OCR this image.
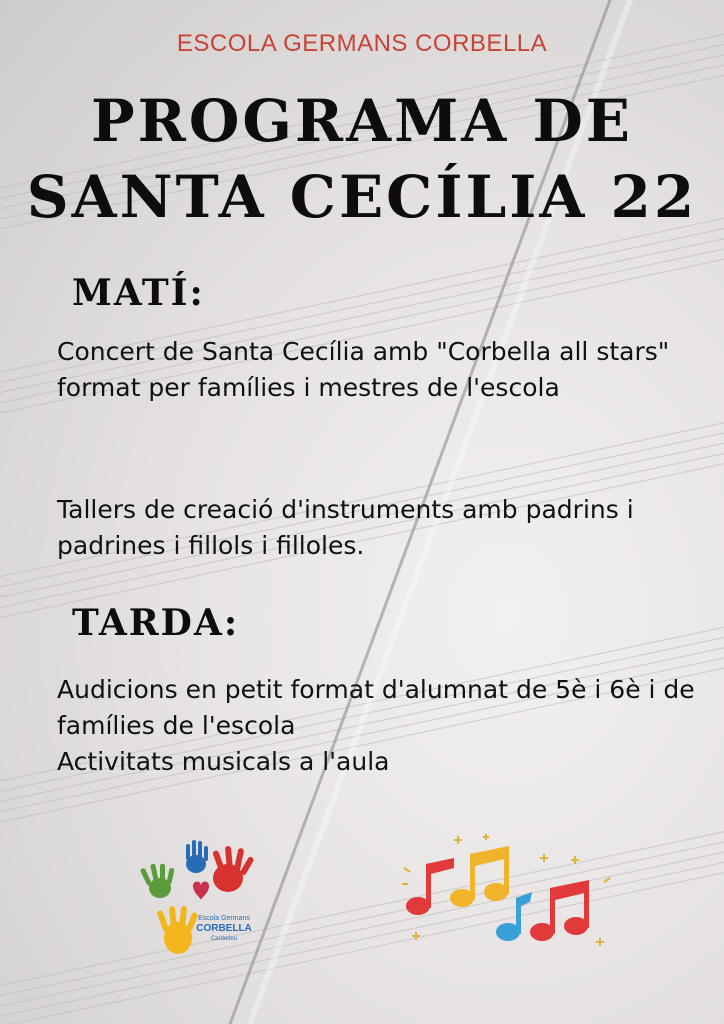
ESCOLA GERMANS CORBELLA
PROGRAMA DE
SANTA CECÍLIA 22
MATÍ:
Concert de Santa Cecília amb "Corbella all stars" format per famílies i mestres de l'escola
Tallers de creació d'instruments amb padrins i padrines i fillols i filloles.
TARDA:
Audicions en petit format d'alumnat de 5è i 6è i de famílies de l'escola
Activitats musicals a l'aula
Escola Germans
CORBELLA
Cardedeu
